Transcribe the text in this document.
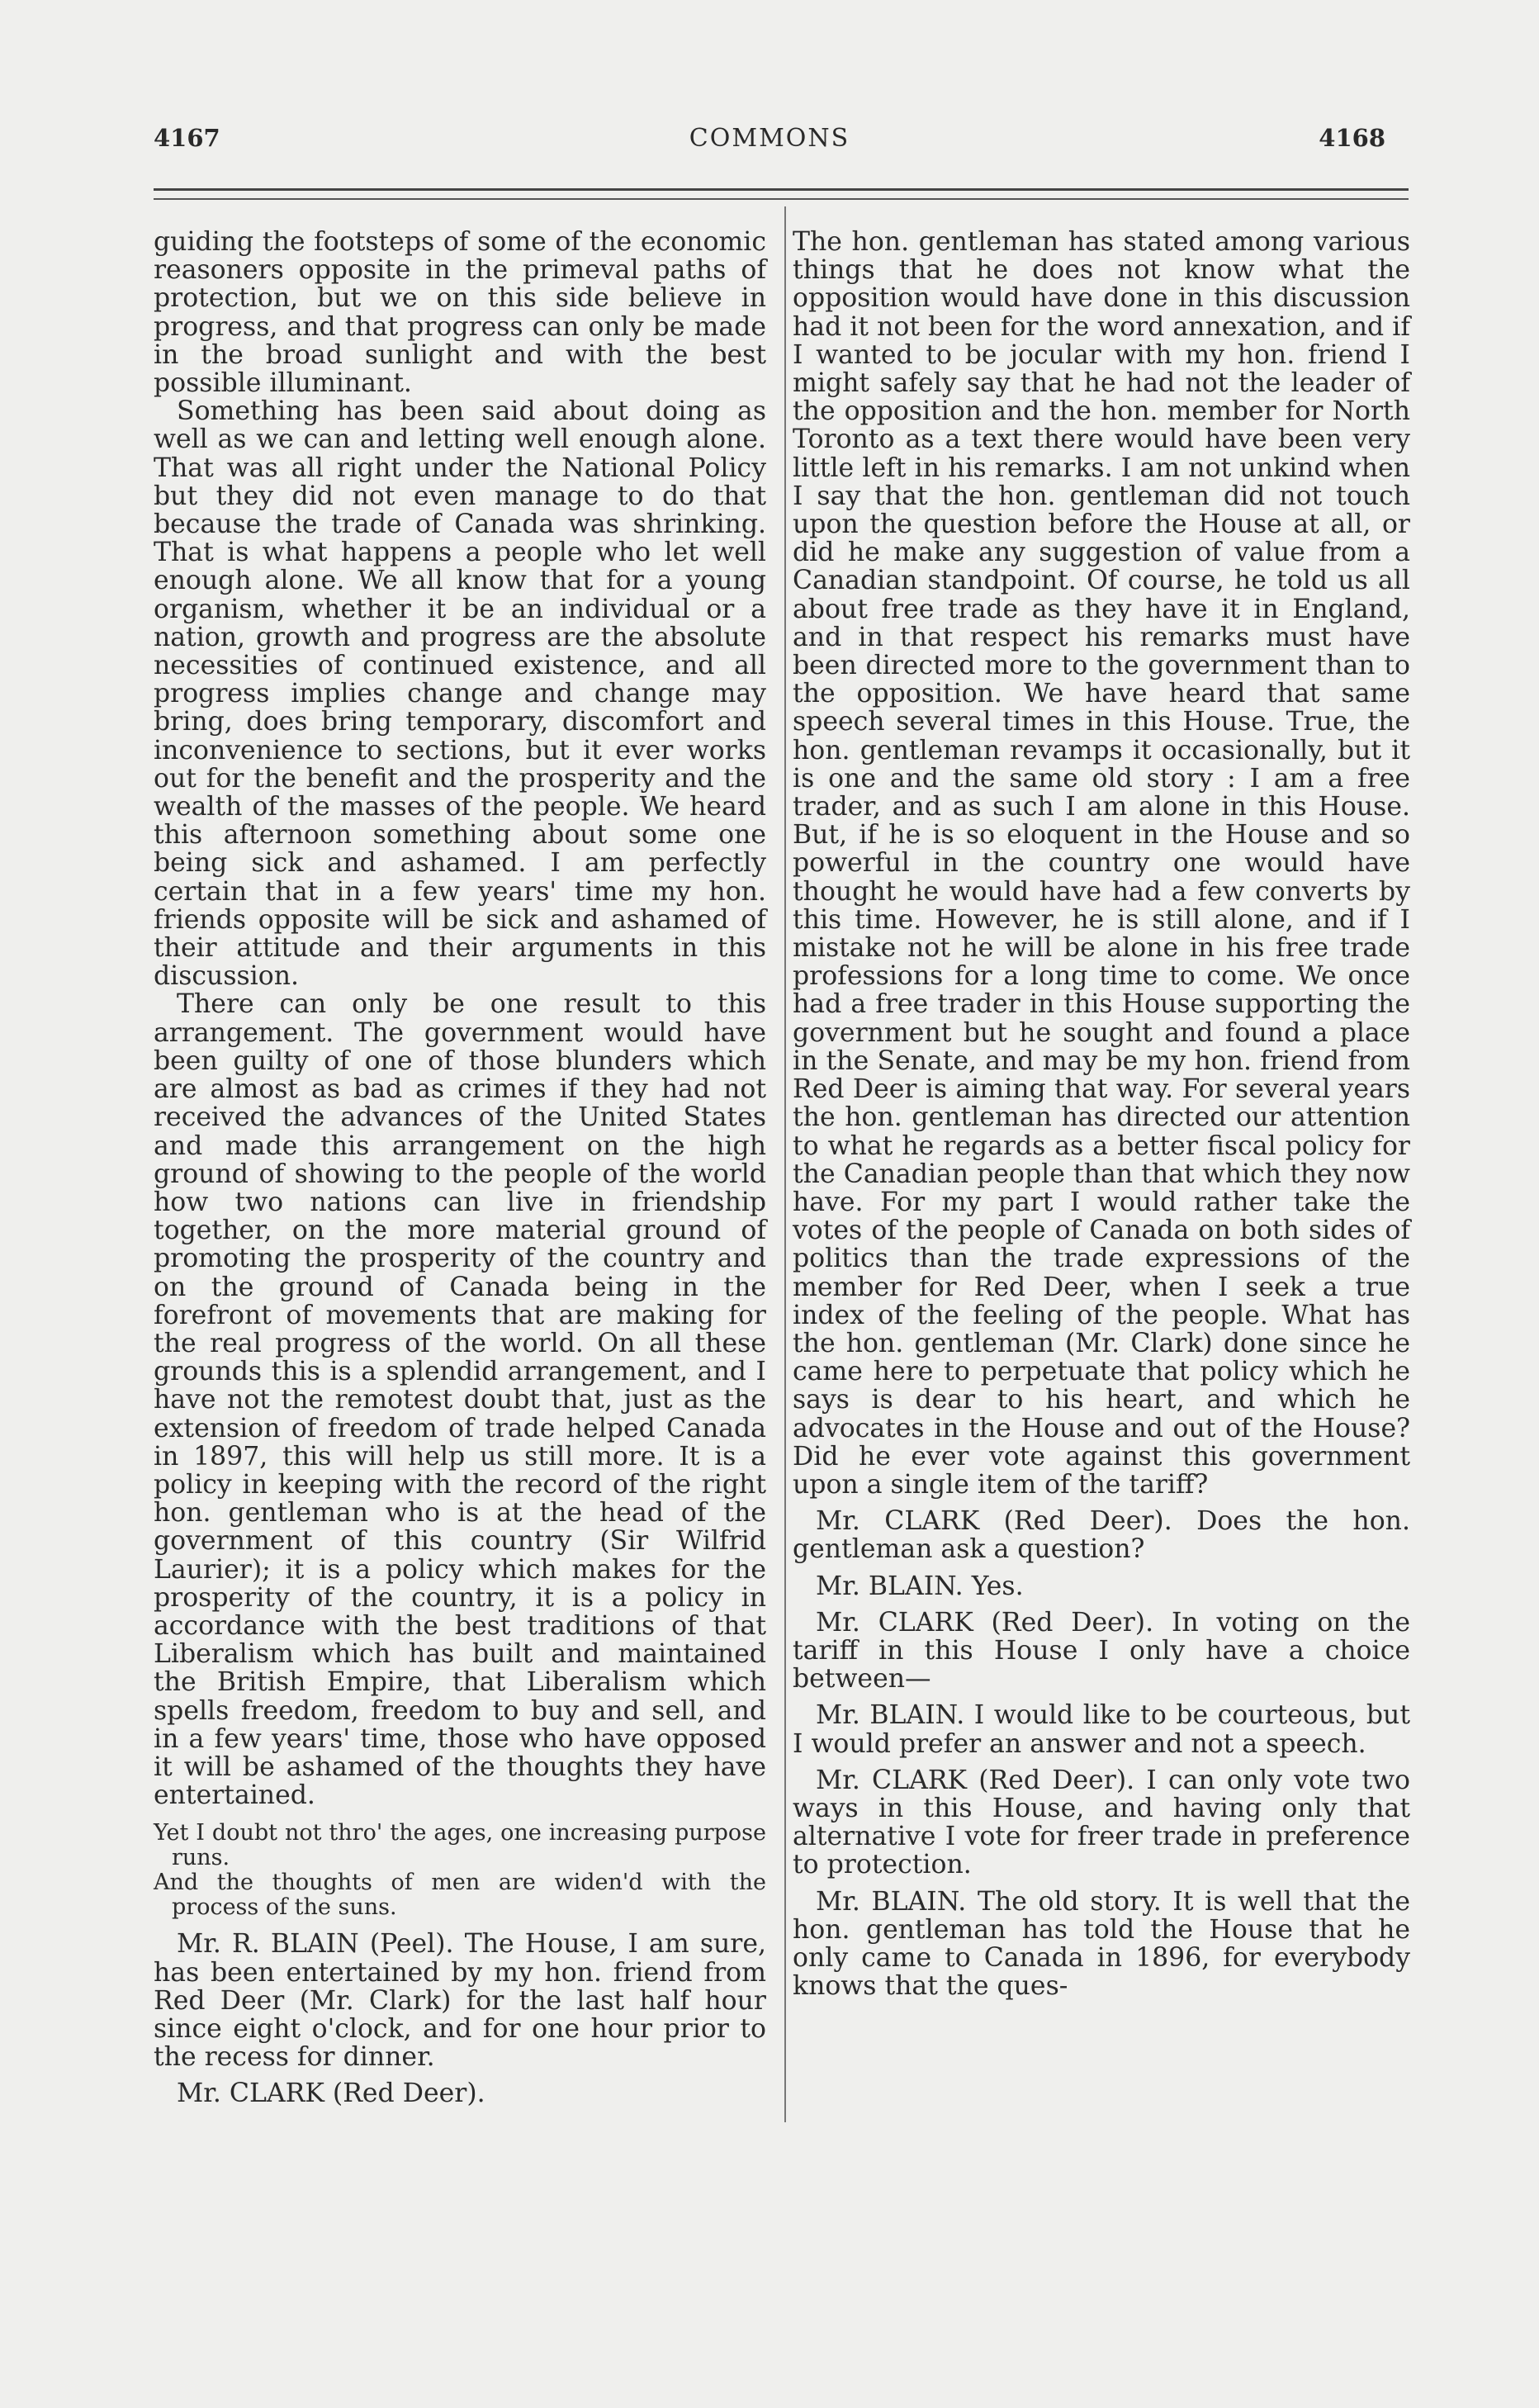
4167	COMMONS	4168

guiding the footsteps of some of the economic reasoners opposite in the primeval paths of protection, but we on this side believe in progress, and that progress can only be made in the broad sunlight and with the best possible illuminant.

Something has been said about doing as well as we can and letting well enough alone. That was all right under the National Policy but they did not even manage to do that because the trade of Canada was shrinking. That is what happens a people who let well enough alone. We all know that for a young organism, whether it be an individual or a nation, growth and progress are the absolute necessities of continued existence, and all progress implies change and change may bring, does bring temporary, discomfort and inconvenience to sections, but it ever works out for the benefit and the prosperity and the wealth of the masses of the people. We heard this afternoon something about some one being sick and ashamed. I am perfectly certain that in a few years' time my hon. friends opposite will be sick and ashamed of their attitude and their arguments in this discussion.

There can only be one result to this arrangement. The government would have been guilty of one of those blunders which are almost as bad as crimes if they had not received the advances of the United States and made this arrangement on the high ground of showing to the people of the world how two nations can live in friendship together, on the more material ground of promoting the prosperity of the country and on the ground of Canada being in the forefront of movements that are making for the real progress of the world. On all these grounds this is a splendid arrangement, and I have not the remotest doubt that, just as the extension of freedom of trade helped Canada in 1897, this will help us still more. It is a policy in keeping with the record of the right hon. gentleman who is at the head of the government of this country (Sir Wilfrid Laurier); it is a policy which makes for the prosperity of the country, it is a policy in accordance with the best traditions of that Liberalism which has built and maintained the British Empire, that Liberalism which spells freedom, freedom to buy and sell, and in a few years' time, those who have opposed it will be ashamed of the thoughts they have entertained.

Yet I doubt not thro' the ages, one increasing purpose runs.
And the thoughts of men are widen'd with the process of the suns.

Mr. R. BLAIN (Peel). The House, I am sure, has been entertained by my hon. friend from Red Deer (Mr. Clark) for the last half hour since eight o'clock, and for one hour prior to the recess for dinner.

Mr. CLARK (Red Deer).

The hon. gentleman has stated among various things that he does not know what the opposition would have done in this discussion had it not been for the word annexation, and if I wanted to be jocular with my hon. friend I might safely say that he had not the leader of the opposition and the hon. member for North Toronto as a text there would have been very little left in his remarks. I am not unkind when I say that the hon. gentleman did not touch upon the question before the House at all, or did he make any suggestion of value from a Canadian standpoint. Of course, he told us all about free trade as they have it in England, and in that respect his remarks must have been directed more to the government than to the opposition. We have heard that same speech several times in this House. True, the hon. gentleman revamps it occasionally, but it is one and the same old story : I am a free trader, and as such I am alone in this House. But, if he is so eloquent in the House and so powerful in the country one would have thought he would have had a few converts by this time. However, he is still alone, and if I mistake not he will be alone in his free trade professions for a long time to come. We once had a free trader in this House supporting the government but he sought and found a place in the Senate, and may be my hon. friend from Red Deer is aiming that way. For several years the hon. gentleman has directed our attention to what he regards as a better fiscal policy for the Canadian people than that which they now have. For my part I would rather take the votes of the people of Canada on both sides of politics than the trade expressions of the member for Red Deer, when I seek a true index of the feeling of the people. What has the hon. gentleman (Mr. Clark) done since he came here to perpetuate that policy which he says is dear to his heart, and which he advocates in the House and out of the House? Did he ever vote against this government upon a single item of the tariff?

Mr. CLARK (Red Deer). Does the hon. gentleman ask a question?

Mr. BLAIN. Yes.

Mr. CLARK (Red Deer). In voting on the tariff in this House I only have a choice between—

Mr. BLAIN. I would like to be courteous, but I would prefer an answer and not a speech.

Mr. CLARK (Red Deer). I can only vote two ways in this House, and having only that alternative I vote for freer trade in preference to protection.

Mr. BLAIN. The old story. It is well that the hon. gentleman has told the House that he only came to Canada in 1896, for everybody knows that the ques-
